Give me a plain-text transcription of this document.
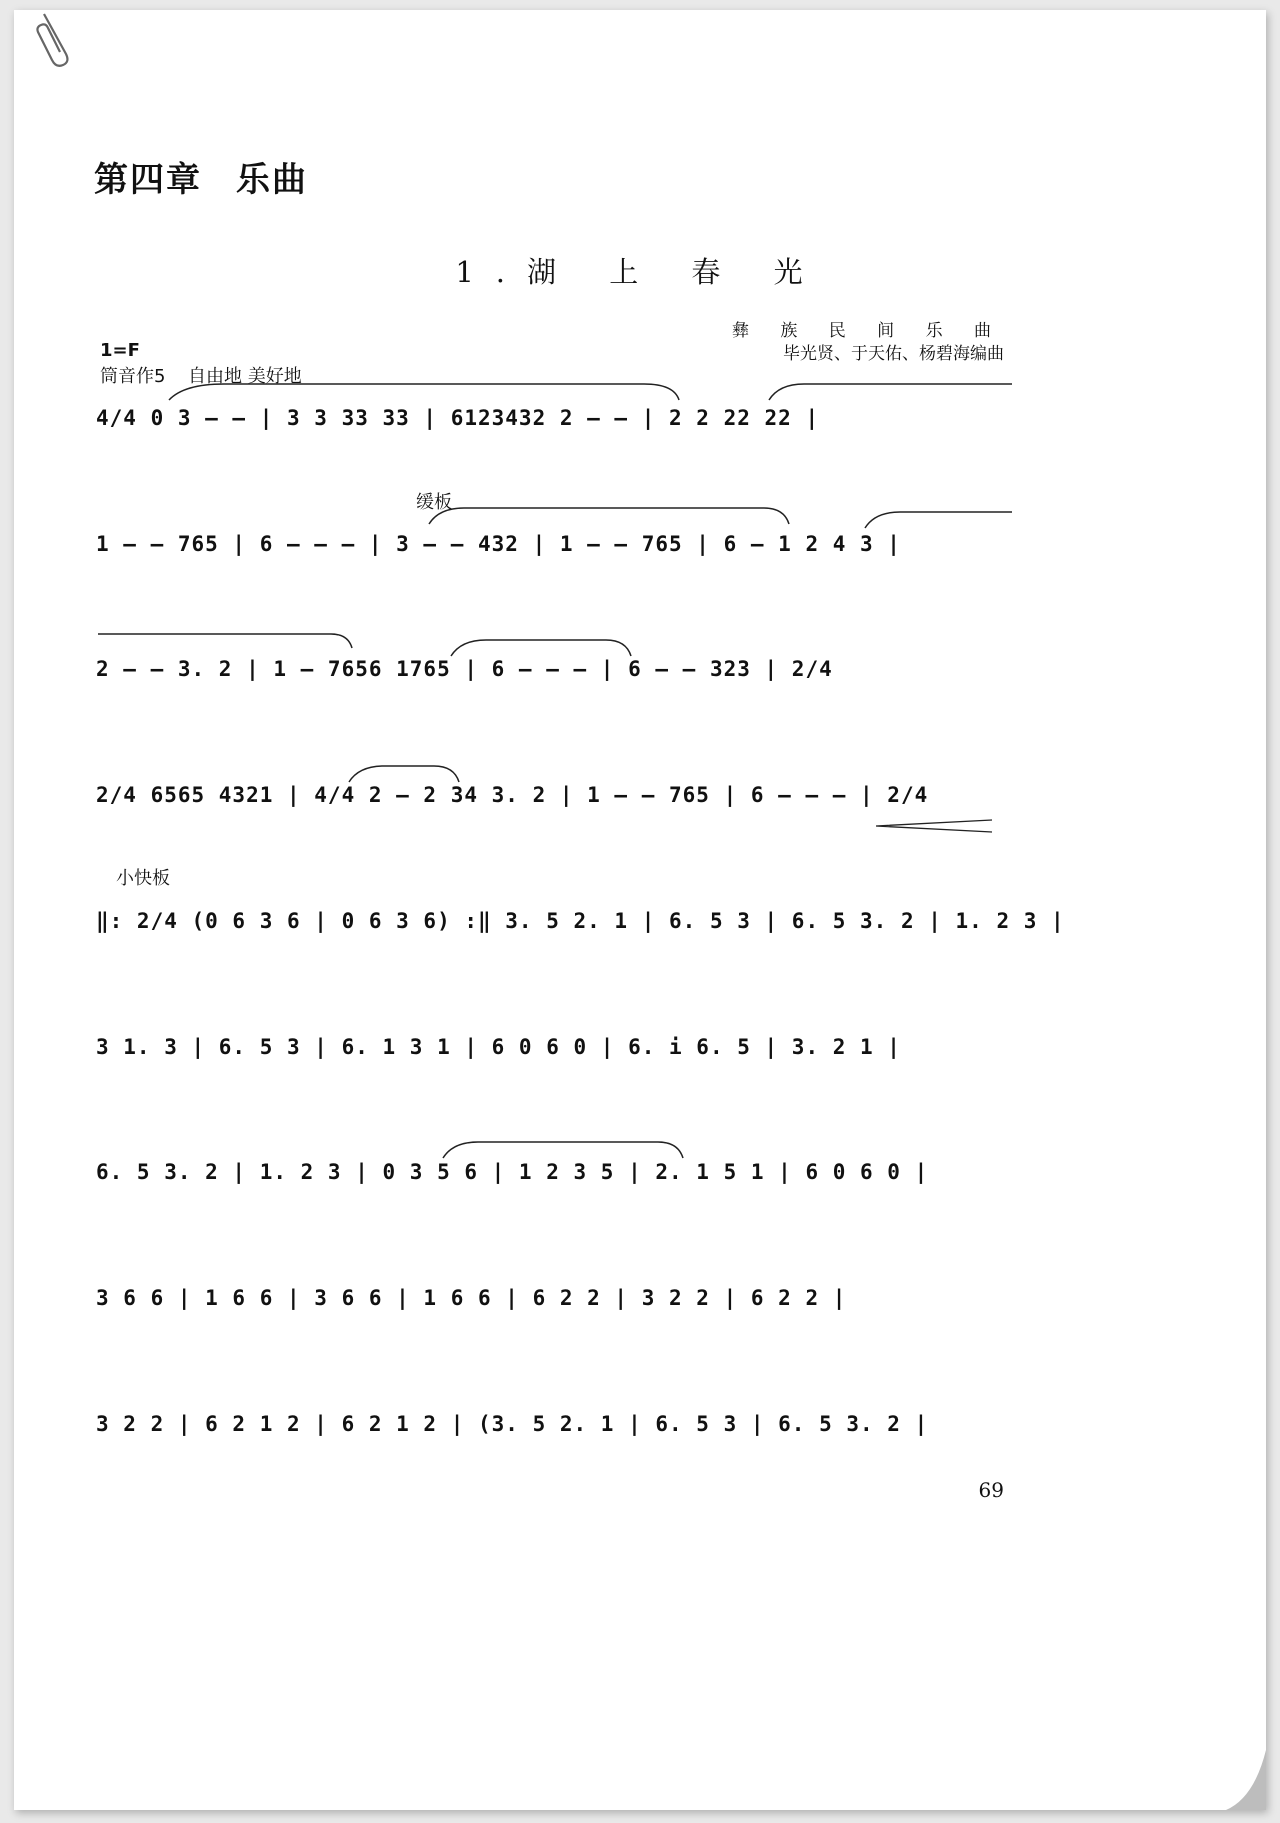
第四章 乐曲
1.湖 上 春 光
彝 族 民 间 乐 曲
毕光贤、于天佑、杨碧海编曲
1=F
筒音作5 自由地 美好地
缓板
小快板
4/4 0 3 – – | 3 3 33 33 | 6123432 2 – – | 2 2 22 22 |
1 – – 765 | 6 – – – | 3 – – 432 | 1 – – 765 | 6 – 1 2 4 3 |
2 – – 3. 2 | 1 – 7656 1765 | 6 – – – | 6 – – 323 | 2/4
2/4 6565 4321 | 4/4 2 – 2 34 3. 2 | 1 – – 765 | 6 – – – | 2/4
‖: 2/4 (0 6 3 6 | 0 6 3 6) :‖ 3. 5 2. 1 | 6. 5 3 | 6. 5 3. 2 | 1. 2 3 |
3 1. 3 | 6. 5 3 | 6. 1 3 1 | 6 0 6 0 | 6. i 6. 5 | 3. 2 1 |
6. 5 3. 2 | 1. 2 3 | 0 3 5 6 | 1 2 3 5 | 2. 1 5 1 | 6 0 6 0 |
3 6 6 | 1 6 6 | 3 6 6 | 1 6 6 | 6 2 2 | 3 2 2 | 6 2 2 |
3 2 2 | 6 2 1 2 | 6 2 1 2 | (3. 5 2. 1 | 6. 5 3 | 6. 5 3. 2 |
69
